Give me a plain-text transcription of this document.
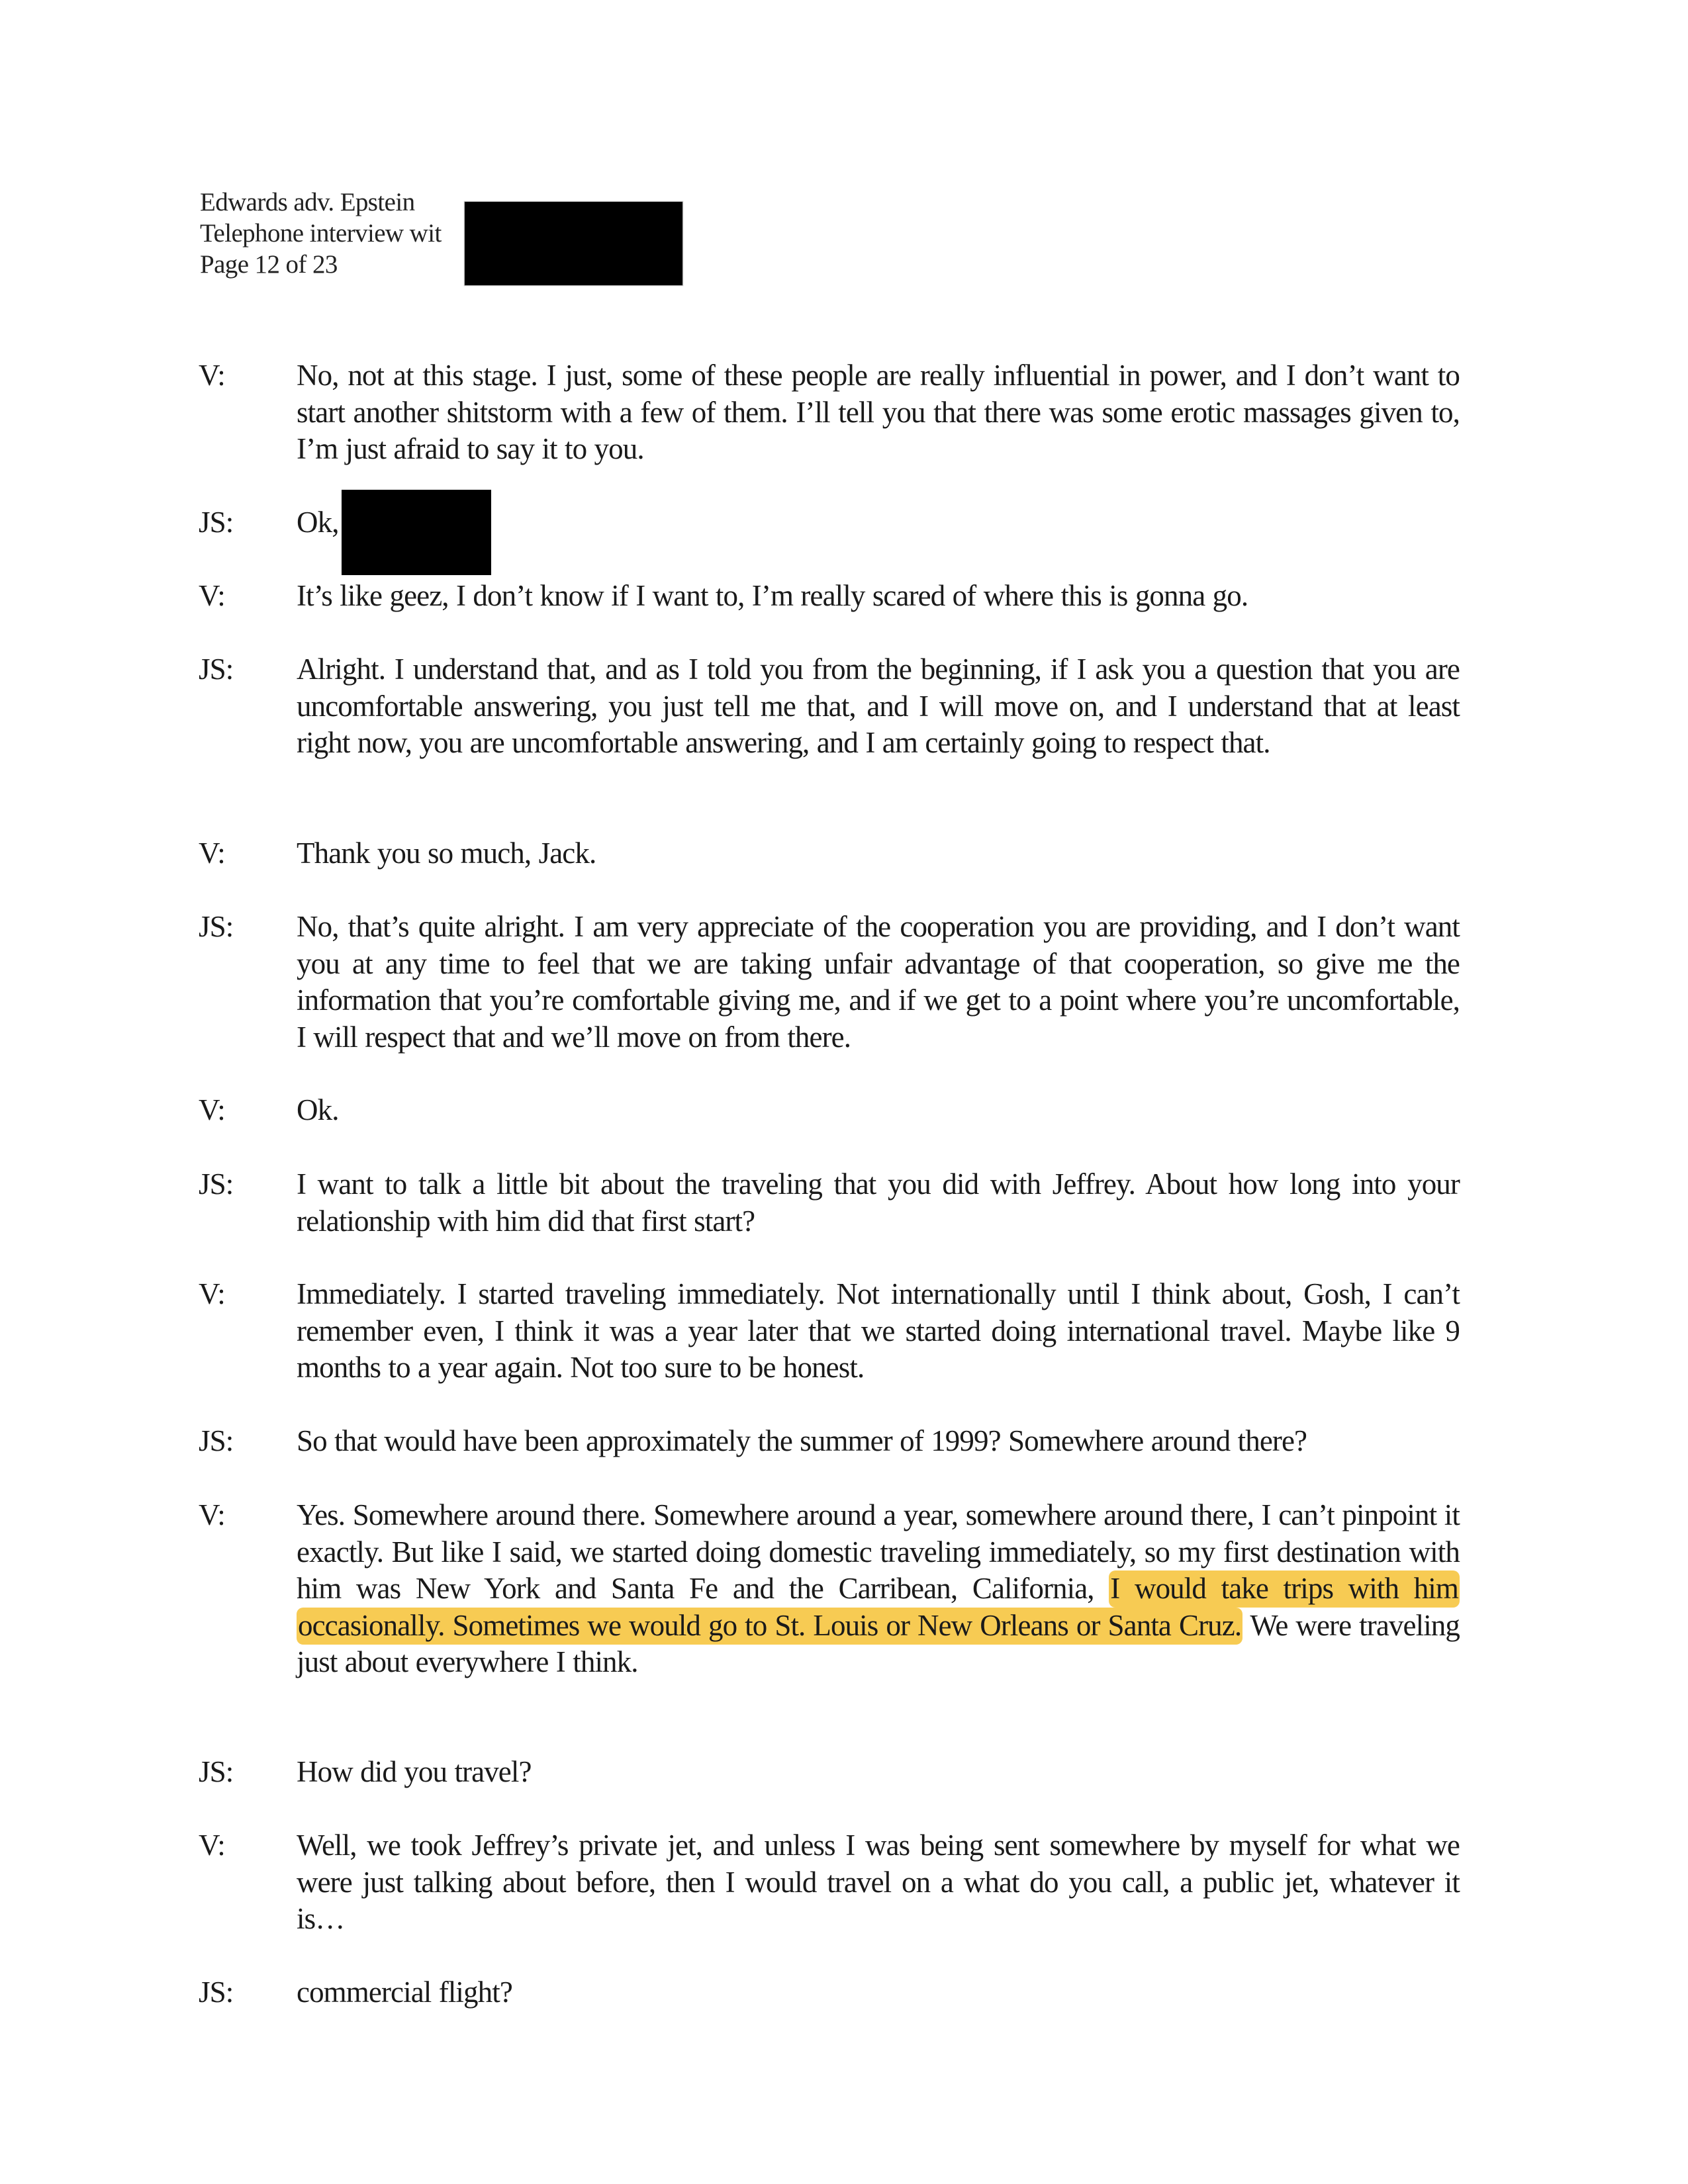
Edwards adv. Epstein
Telephone interview wit
Page 12 of 23
V:	No, not at this stage. I just, some of these people are really influential in power, and I don’t want to start another shitstorm with a few of them. I’ll tell you that there was some erotic massages given to, I’m just afraid to say it to you.
JS:	Ok,
V:	It’s like geez, I don’t know if I want to, I’m really scared of where this is gonna go.
JS:	Alright. I understand that, and as I told you from the beginning, if I ask you a question that you are uncomfortable answering, you just tell me that, and I will move on, and I understand that at least right now, you are uncomfortable answering, and I am certainly going to respect that.
V:	Thank you so much, Jack.
JS:	No, that’s quite alright. I am very appreciate of the cooperation you are providing, and I don’t want you at any time to feel that we are taking unfair advantage of that cooperation, so give me the information that you’re comfortable giving me, and if we get to a point where you’re uncomfortable, I will respect that and we’ll move on from there.
V:	Ok.
JS:	I want to talk a little bit about the traveling that you did with Jeffrey. About how long into your relationship with him did that first start?
V:	Immediately. I started traveling immediately. Not internationally until I think about, Gosh, I can’t remember even, I think it was a year later that we started doing international travel. Maybe like 9 months to a year again. Not too sure to be honest.
JS:	So that would have been approximately the summer of 1999? Somewhere around there?
V:	Yes. Somewhere around there. Somewhere around a year, somewhere around there, I can’t pinpoint it exactly. But like I said, we started doing domestic traveling immediately, so my first destination with him was New York and Santa Fe and the Carribean, California, I would take trips with him occasionally. Sometimes we would go to St. Louis or New Orleans or Santa Cruz. We were traveling just about everywhere I think.
JS:	How did you travel?
V:	Well, we took Jeffrey’s private jet, and unless I was being sent somewhere by myself for what we were just talking about before, then I would travel on a what do you call, a public jet, whatever it is…
JS:	commercial flight?
